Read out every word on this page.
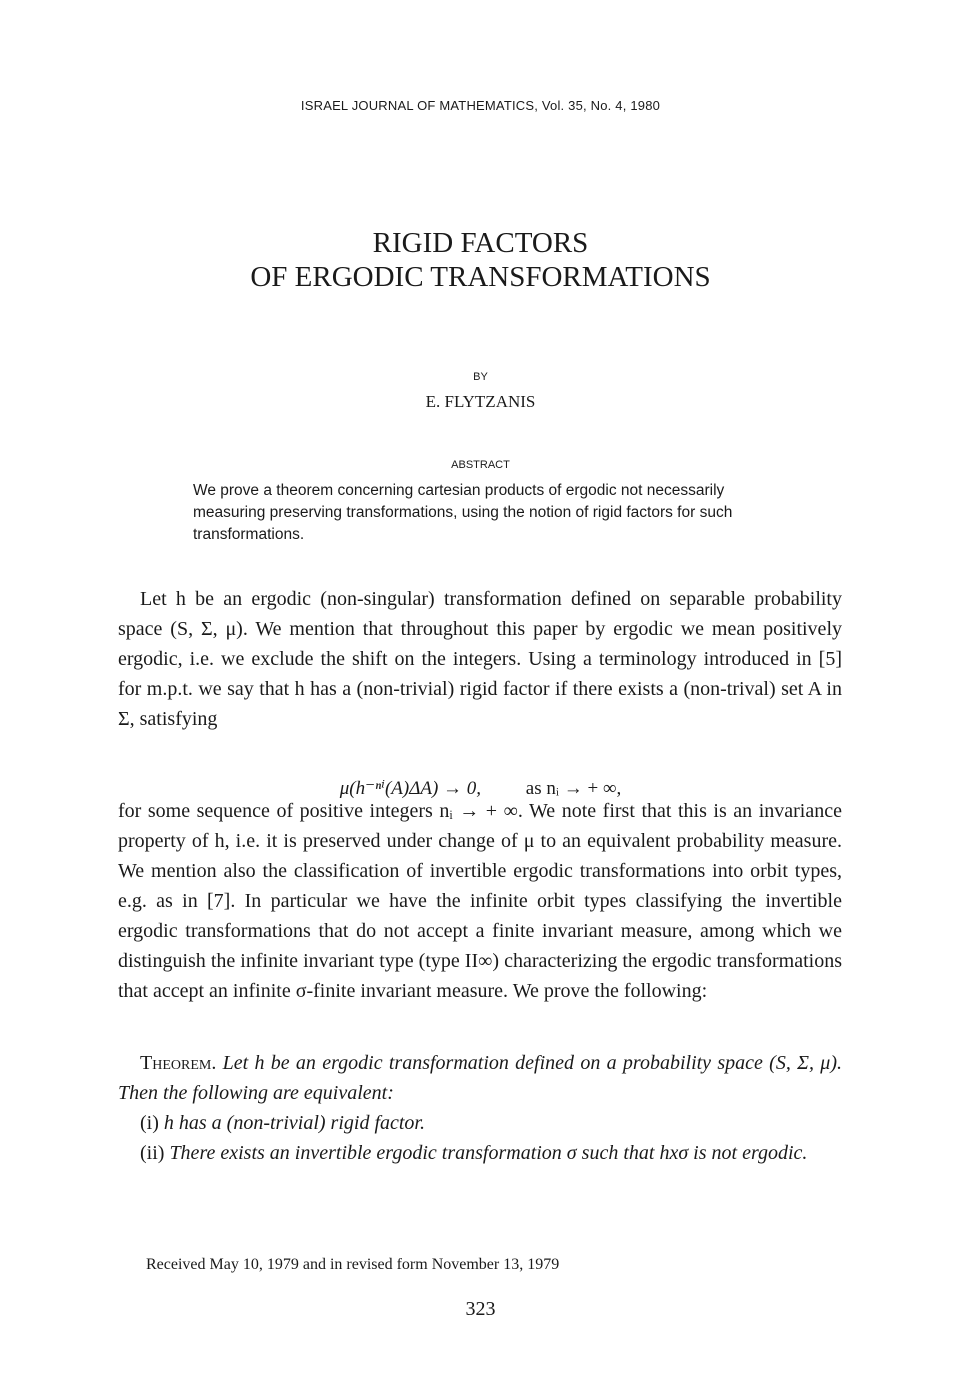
ISRAEL JOURNAL OF MATHEMATICS, Vol. 35, No. 4, 1980
RIGID FACTORS
OF ERGODIC TRANSFORMATIONS
BY
E. FLYTZANIS
ABSTRACT
We prove a theorem concerning cartesian products of ergodic not necessarily measuring preserving transformations, using the notion of rigid factors for such transformations.
Let h be an ergodic (non-singular) transformation defined on separable probability space (S, Σ, μ). We mention that throughout this paper by ergodic we mean positively ergodic, i.e. we exclude the shift on the integers. Using a terminology introduced in [5] for m.p.t. we say that h has a (non-trivial) rigid factor if there exists a (non-trival) set A in Σ, satisfying
μ(h⁻ⁿⁱ(A)ΔA) → 0, as nᵢ → + ∞,
for some sequence of positive integers nᵢ → + ∞. We note first that this is an invariance property of h, i.e. it is preserved under change of μ to an equivalent probability measure. We mention also the classification of invertible ergodic transformations into orbit types, e.g. as in [7]. In particular we have the infinite orbit types classifying the invertible ergodic transformations that do not accept a finite invariant measure, among which we distinguish the infinite invariant type (type II∞) characterizing the ergodic transformations that accept an infinite σ-finite invariant measure. We prove the following:
Theorem. Let h be an ergodic transformation defined on a probability space (S, Σ, μ). Then the following are equivalent:
(i) h has a (non-trivial) rigid factor.
(ii) There exists an invertible ergodic transformation σ such that hxσ is not ergodic.
Received May 10, 1979 and in revised form November 13, 1979
323
